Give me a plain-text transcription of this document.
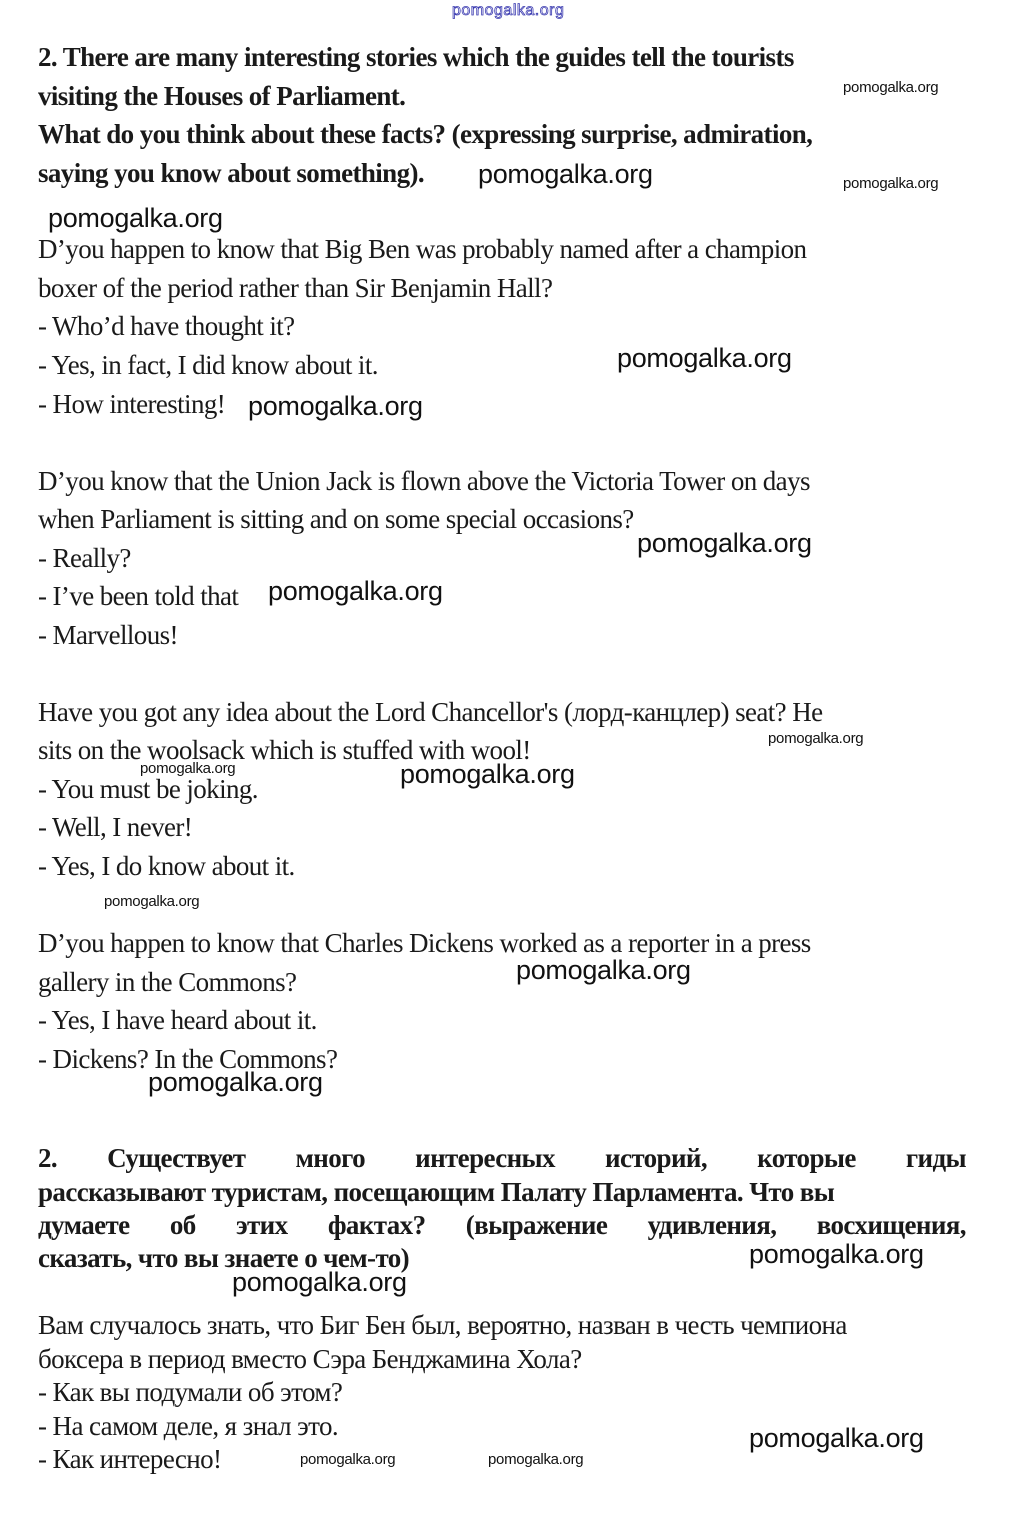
pomogalka.org
2. There are many interesting stories which the guides tell the tourists
visiting the Houses of Parliament.
What do you think about these facts? (expressing surprise, admiration,
saying you know about something).
D’you happen to know that Big Ben was probably named after a champion
boxer of the period rather than Sir Benjamin Hall?
- Who’d have thought it?
- Yes, in fact, I did know about it.
- How interesting!
D’you know that the Union Jack is flown above the Victoria Tower on days
when Parliament is sitting and on some special occasions?
- Really?
- I’ve been told that
- Marvellous!
Have you got any idea about the Lord Chancellor's (лорд-канцлер) seat? He
sits on the woolsack which is stuffed with wool!
- You must be joking.
- Well, I never!
- Yes, I do know about it.
D’you happen to know that Charles Dickens worked as a reporter in a press
gallery in the Commons?
- Yes, I have heard about it.
- Dickens? In the Commons?
2. Существует много интересных историй, которые гиды
рассказывают туристам, посещающим Палату Парламента. Что вы
думаете об этих фактах? (выражение удивления, восхищения,
сказать, что вы знаете о чем-то)
Вам случалось знать, что Биг Бен был, вероятно, назван в честь чемпиона
боксера в период вместо Сэра Бенджамина Хола?
- Как вы подумали об этом?
- На самом деле, я знал это.
- Как интересно!
pomogalka.org
pomogalka.org	pomogalka.org
pomogalka.org
pomogalka.org
pomogalka.org
pomogalka.org
pomogalka.org
pomogalka.org
pomogalka.org	pomogalka.org
pomogalka.org
pomogalka.org
pomogalka.org
pomogalka.org
pomogalka.org
pomogalka.org
pomogalka.org	pomogalka.org
